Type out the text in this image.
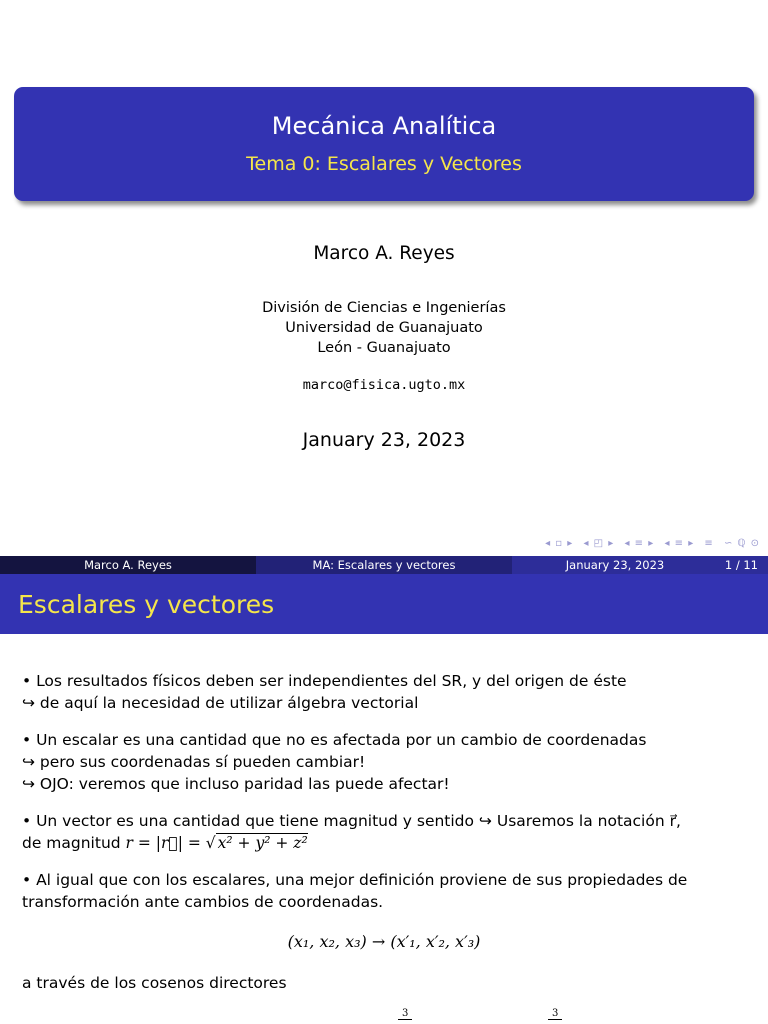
Mecánica Analítica
Tema 0: Escalares y Vectores
Marco A. Reyes
División de Ciencias e Ingenierías
Universidad de Guanajuato
León - Guanajuato
marco@fisica.ugto.mx
January 23, 2023
◂ ▫ ▸ ◂ ◰ ▸ ◂ ≡ ▸ ◂ ≡ ▸ ≡ ∽ ℚ ⊙
Marco A. Reyes	MA: Escalares y vectores	January 23, 2023	1 / 11
Escalares y vectores
• Los resultados físicos deben ser independientes del SR, y del origen de éste
↪ de aquí la necesidad de utilizar álgebra vectorial
• Un escalar es una cantidad que no es afectada por un cambio de coordenadas
↪ pero sus coordenadas sí pueden cambiar!
↪ OJO: veremos que incluso paridad las puede afectar!
• Un vector es una cantidad que tiene magnitud y sentido ↪ Usaremos la notación r⃗,
de magnitud r = |r⃗| = √ x² + y² + z²
• Al igual que con los escalares, una mejor definición proviene de sus propiedades de
transformación ante cambios de coordenadas.
(x₁, x₂, x₃) → (x′₁, x′₂, x′₃)
a través de los cosenos directores
3	3
